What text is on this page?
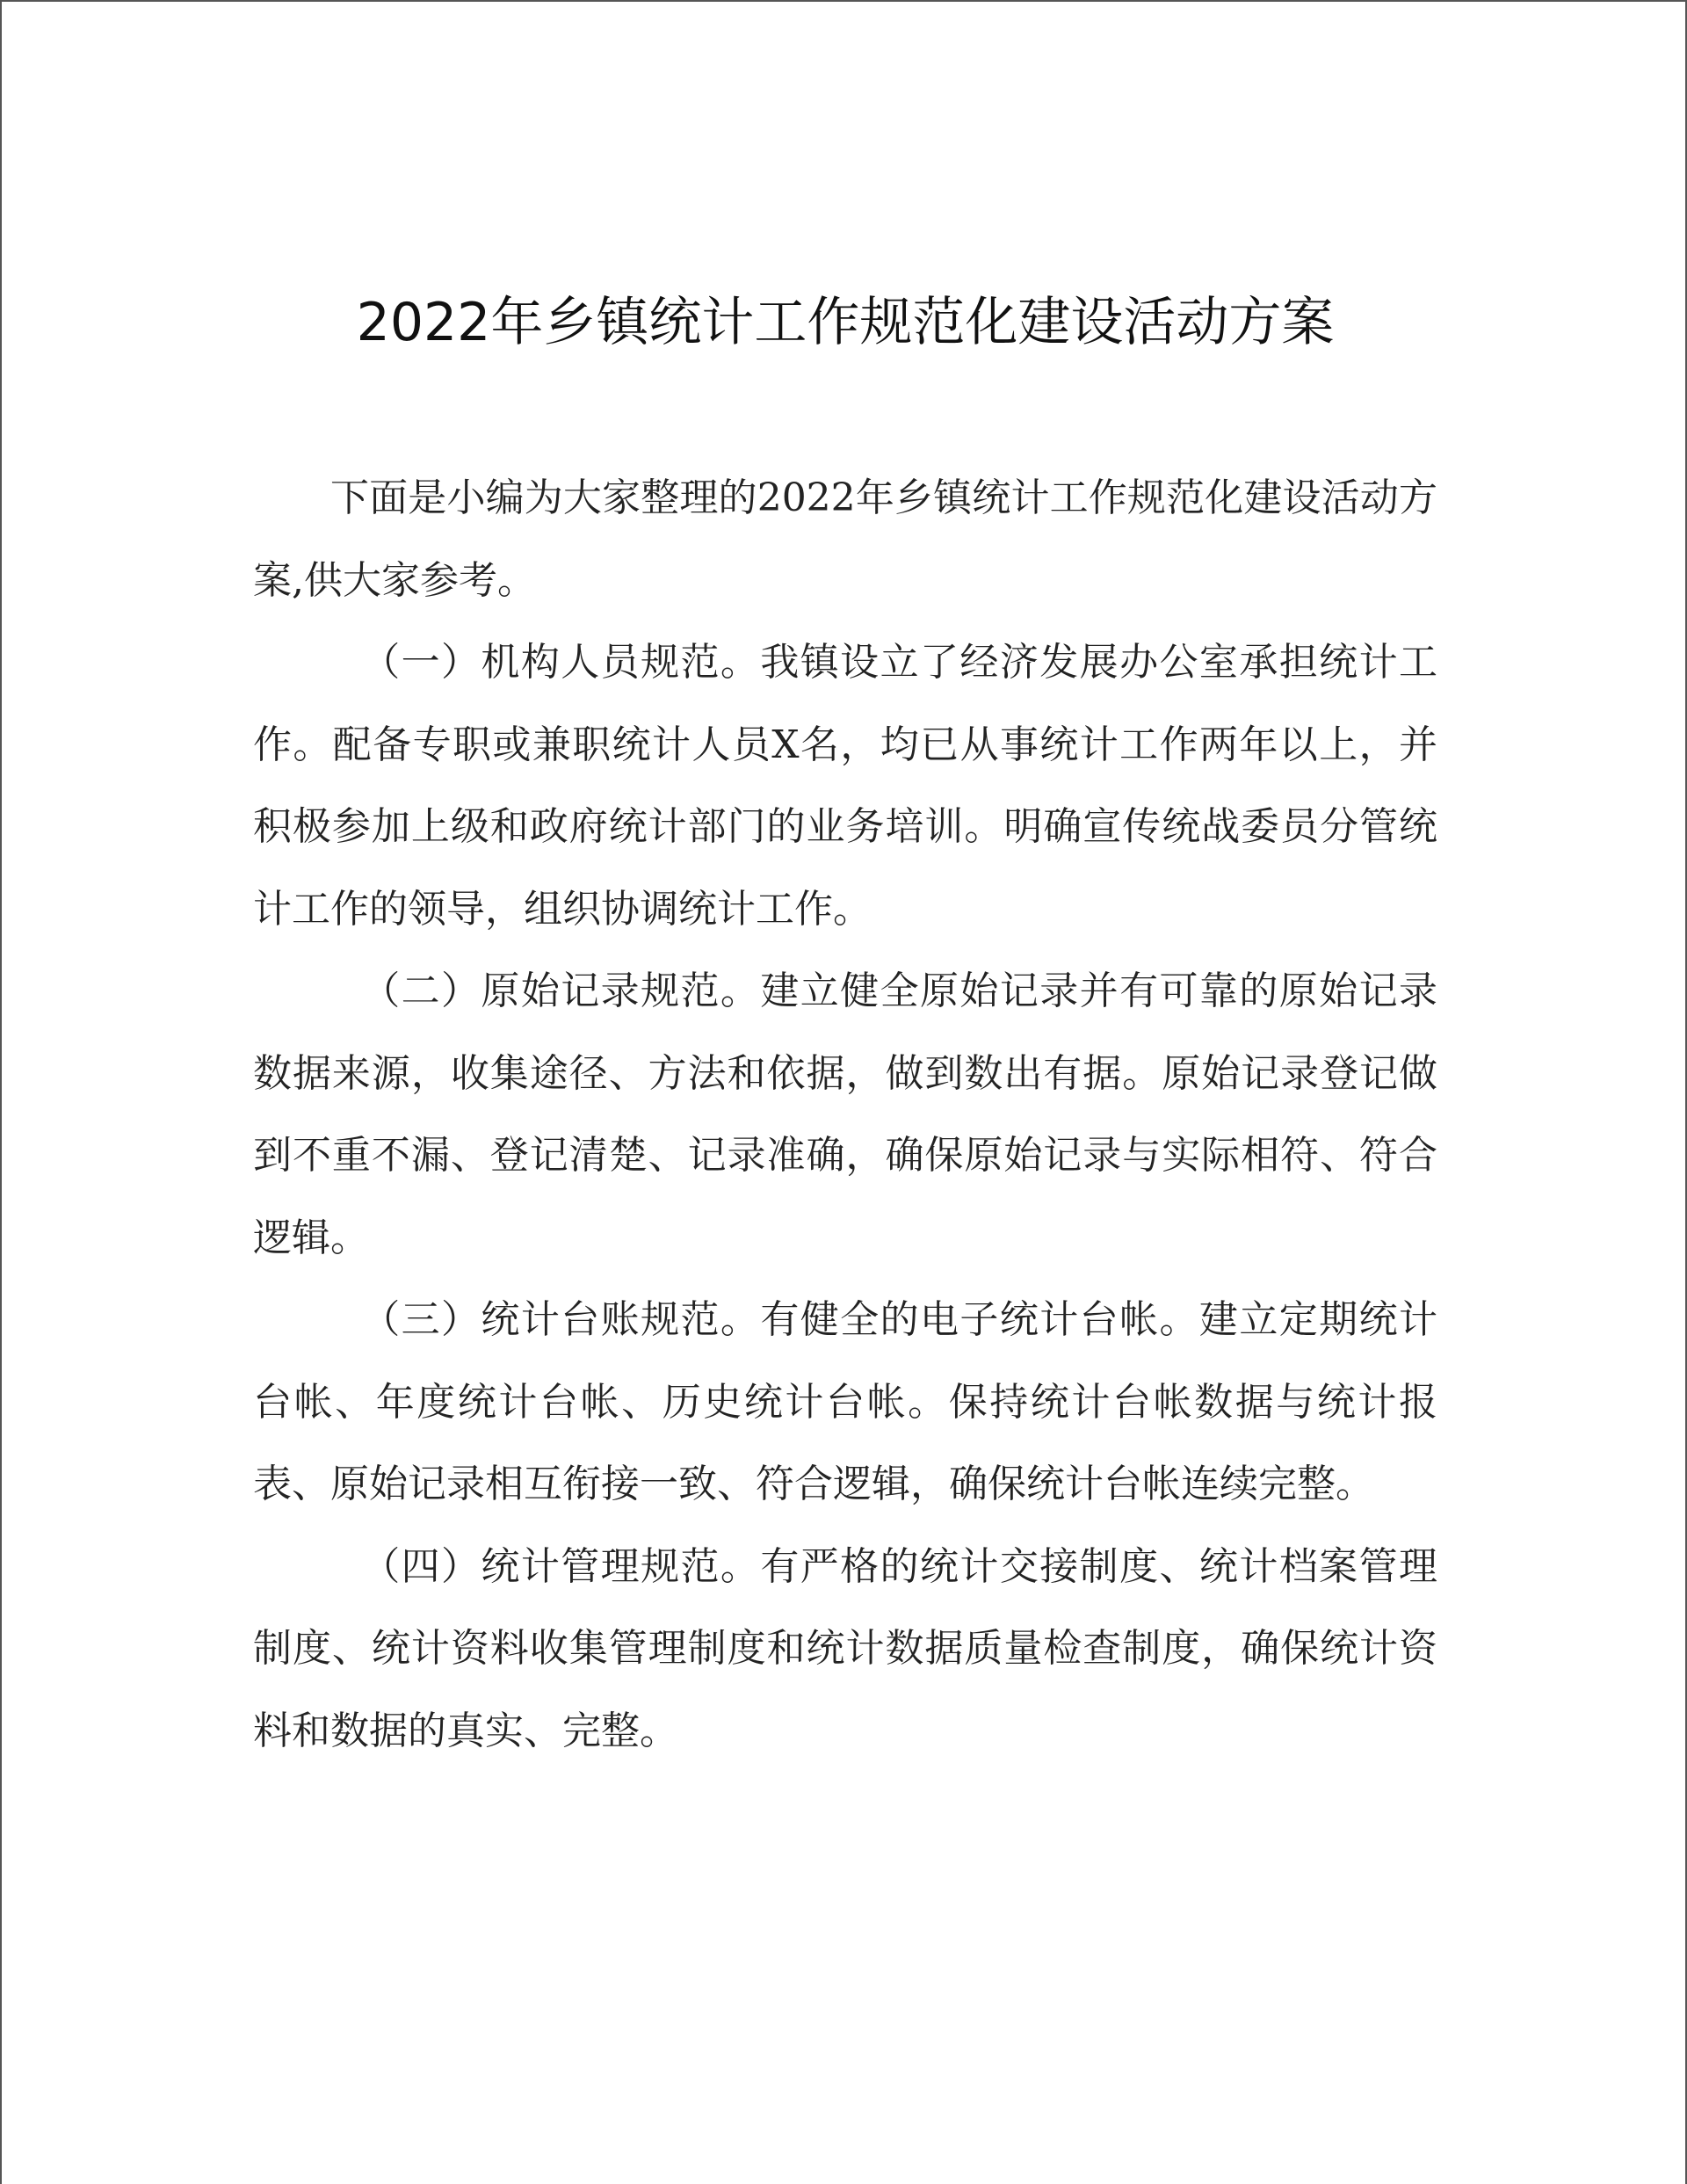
2022年乡镇统计工作规范化建设活动方案

下面是小编为大家整理的2022年乡镇统计工作规范化建设活动方案,供大家参考。

（一）机构人员规范。我镇设立了经济发展办公室承担统计工作。配备专职或兼职统计人员X名，均已从事统计工作两年以上，并积极参加上级和政府统计部门的业务培训。明确宣传统战委员分管统计工作的领导，组织协调统计工作。

（二）原始记录规范。建立健全原始记录并有可靠的原始记录数据来源，收集途径、方法和依据，做到数出有据。原始记录登记做到不重不漏、登记清楚、记录准确，确保原始记录与实际相符、符合逻辑。

（三）统计台账规范。有健全的电子统计台帐。建立定期统计台帐、年度统计台帐、历史统计台帐。保持统计台帐数据与统计报表、原始记录相互衔接一致、符合逻辑，确保统计台帐连续完整。

（四）统计管理规范。有严格的统计交接制度、统计档案管理制度、统计资料收集管理制度和统计数据质量检查制度，确保统计资料和数据的真实、完整。
